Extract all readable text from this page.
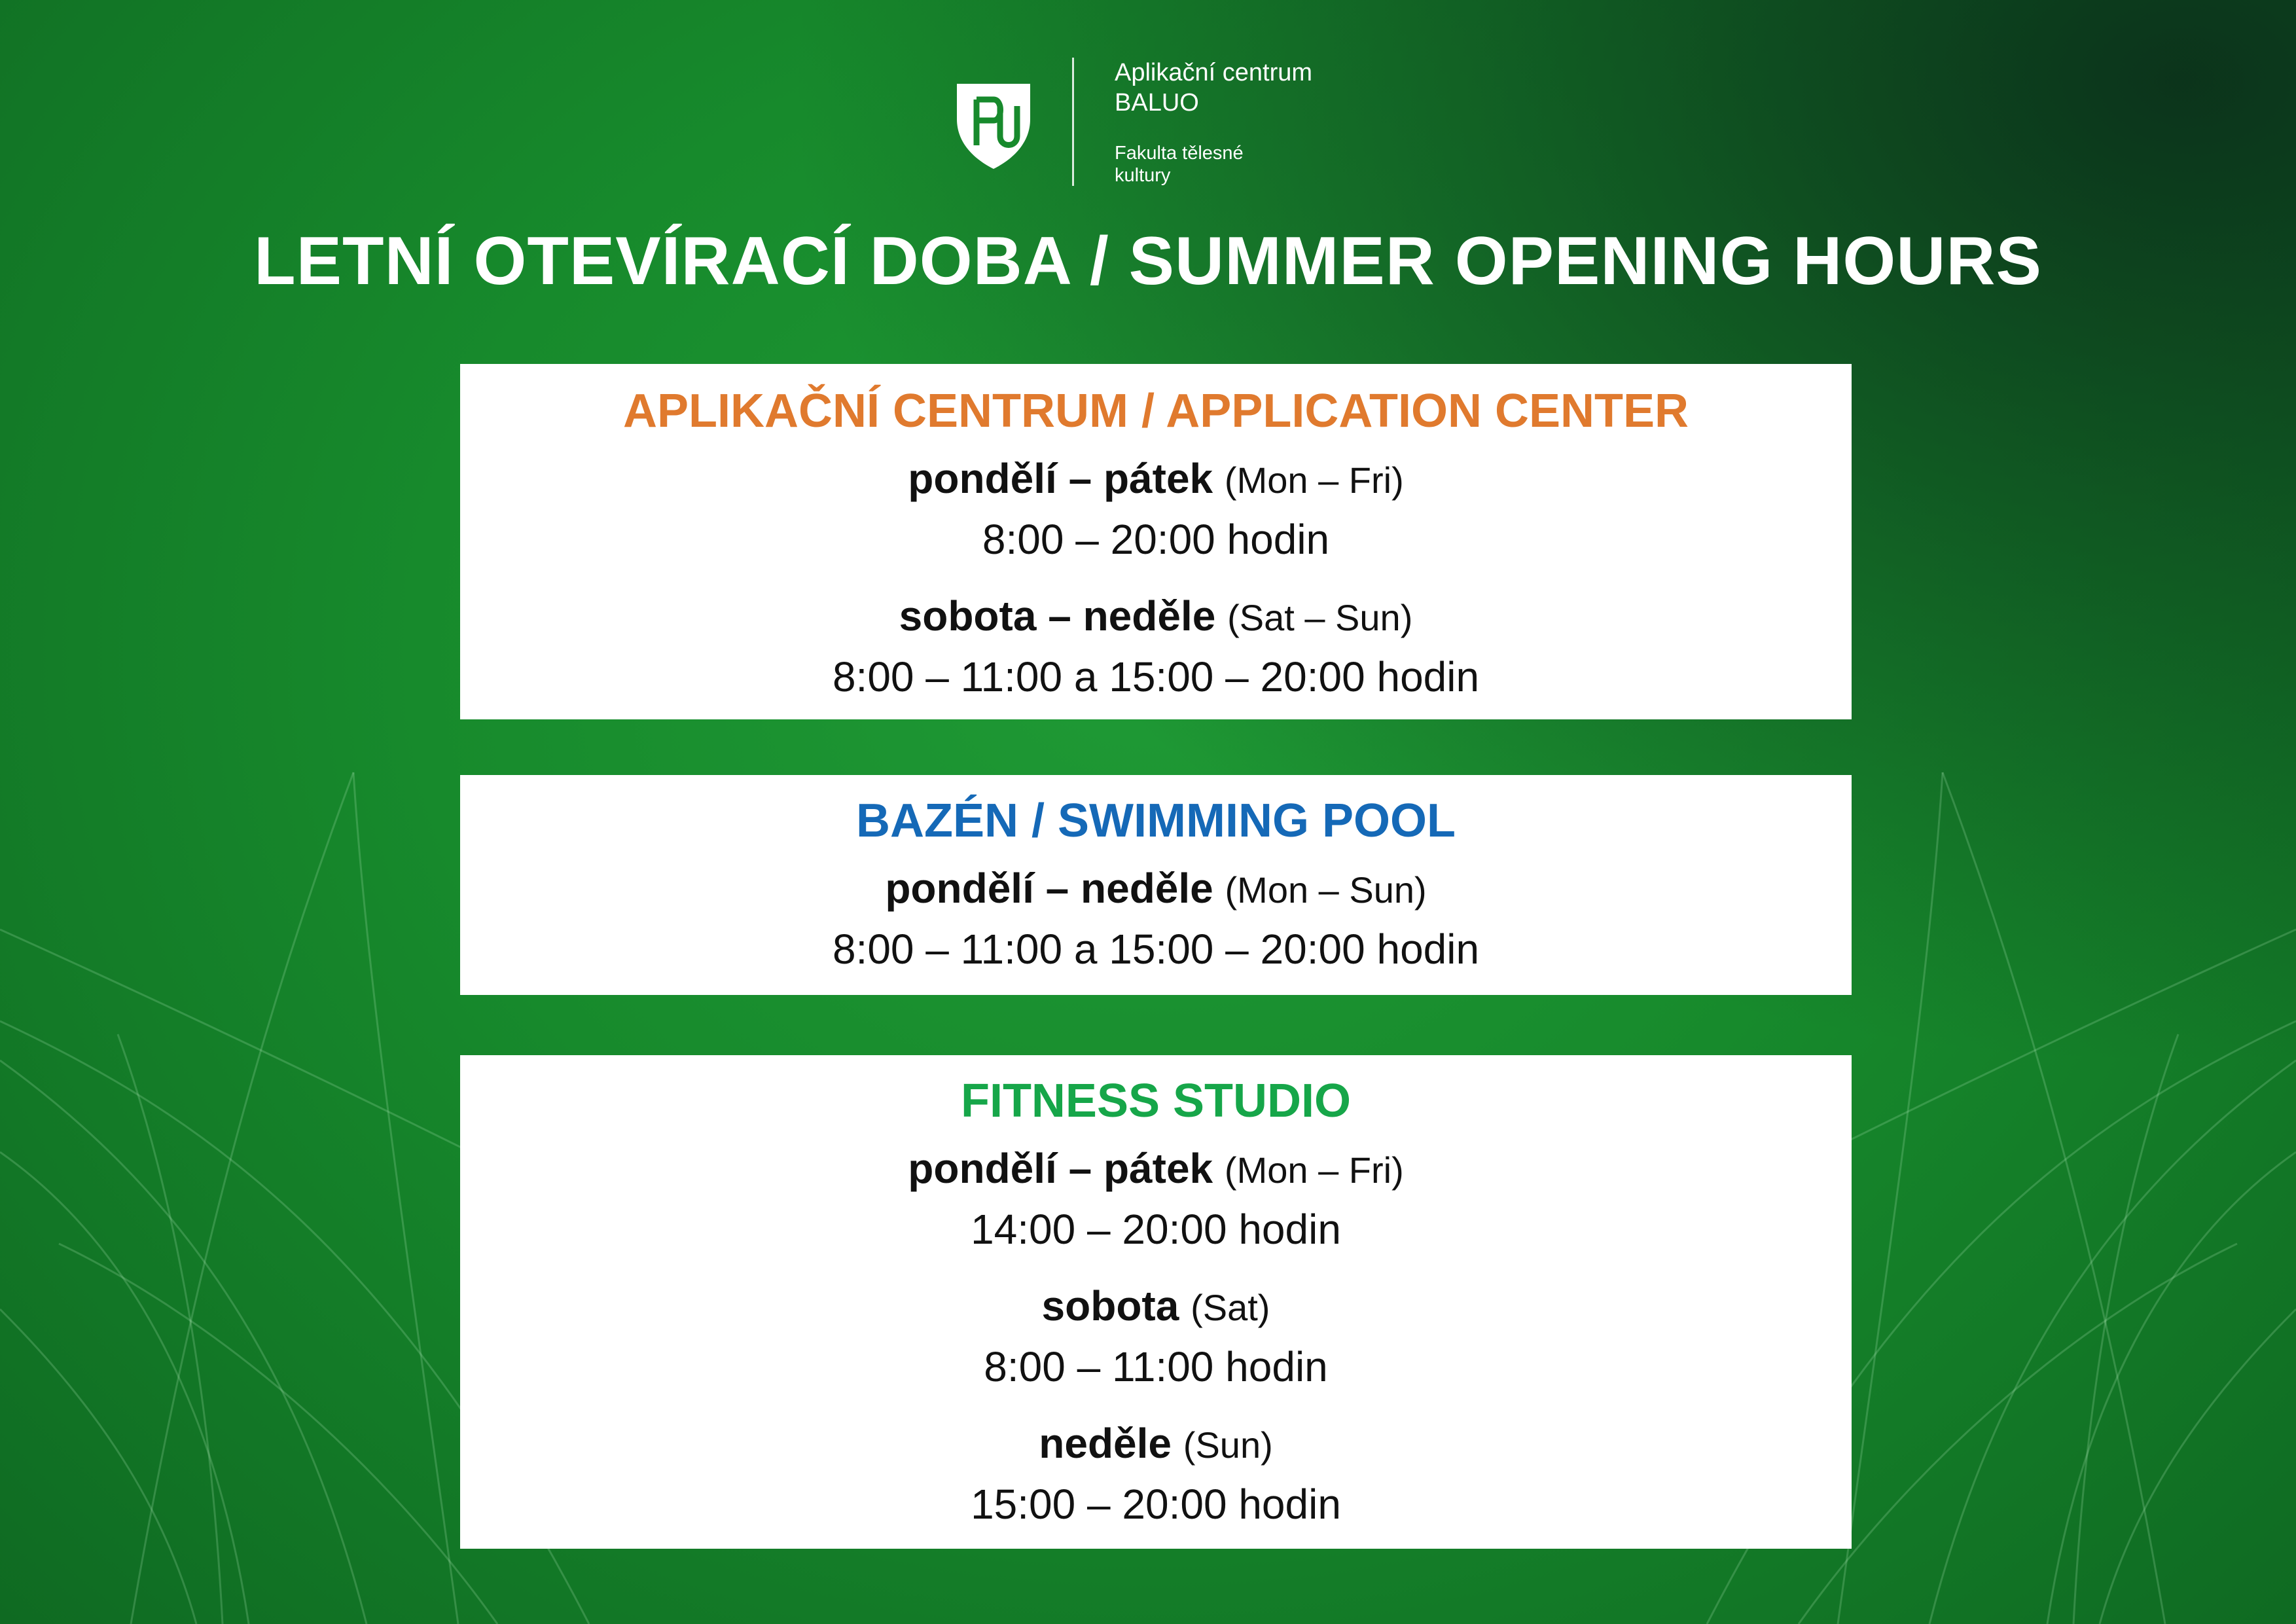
Aplikační centrum
BALUO
Fakulta tělesné
kultury
LETNÍ OTEVÍRACÍ DOBA / SUMMER OPENING HOURS
APLIKAČNÍ CENTRUM / APPLICATION CENTER
pondělí – pátek (Mon – Fri)
8:00 – 20:00 hodin
sobota – neděle (Sat – Sun)
8:00 – 11:00 a 15:00 – 20:00 hodin
BAZÉN / SWIMMING POOL
pondělí – neděle (Mon – Sun)
8:00 – 11:00 a 15:00 – 20:00 hodin
FITNESS STUDIO
pondělí – pátek (Mon – Fri)
14:00 – 20:00 hodin
sobota (Sat)
8:00 – 11:00 hodin
neděle (Sun)
15:00 – 20:00 hodin
